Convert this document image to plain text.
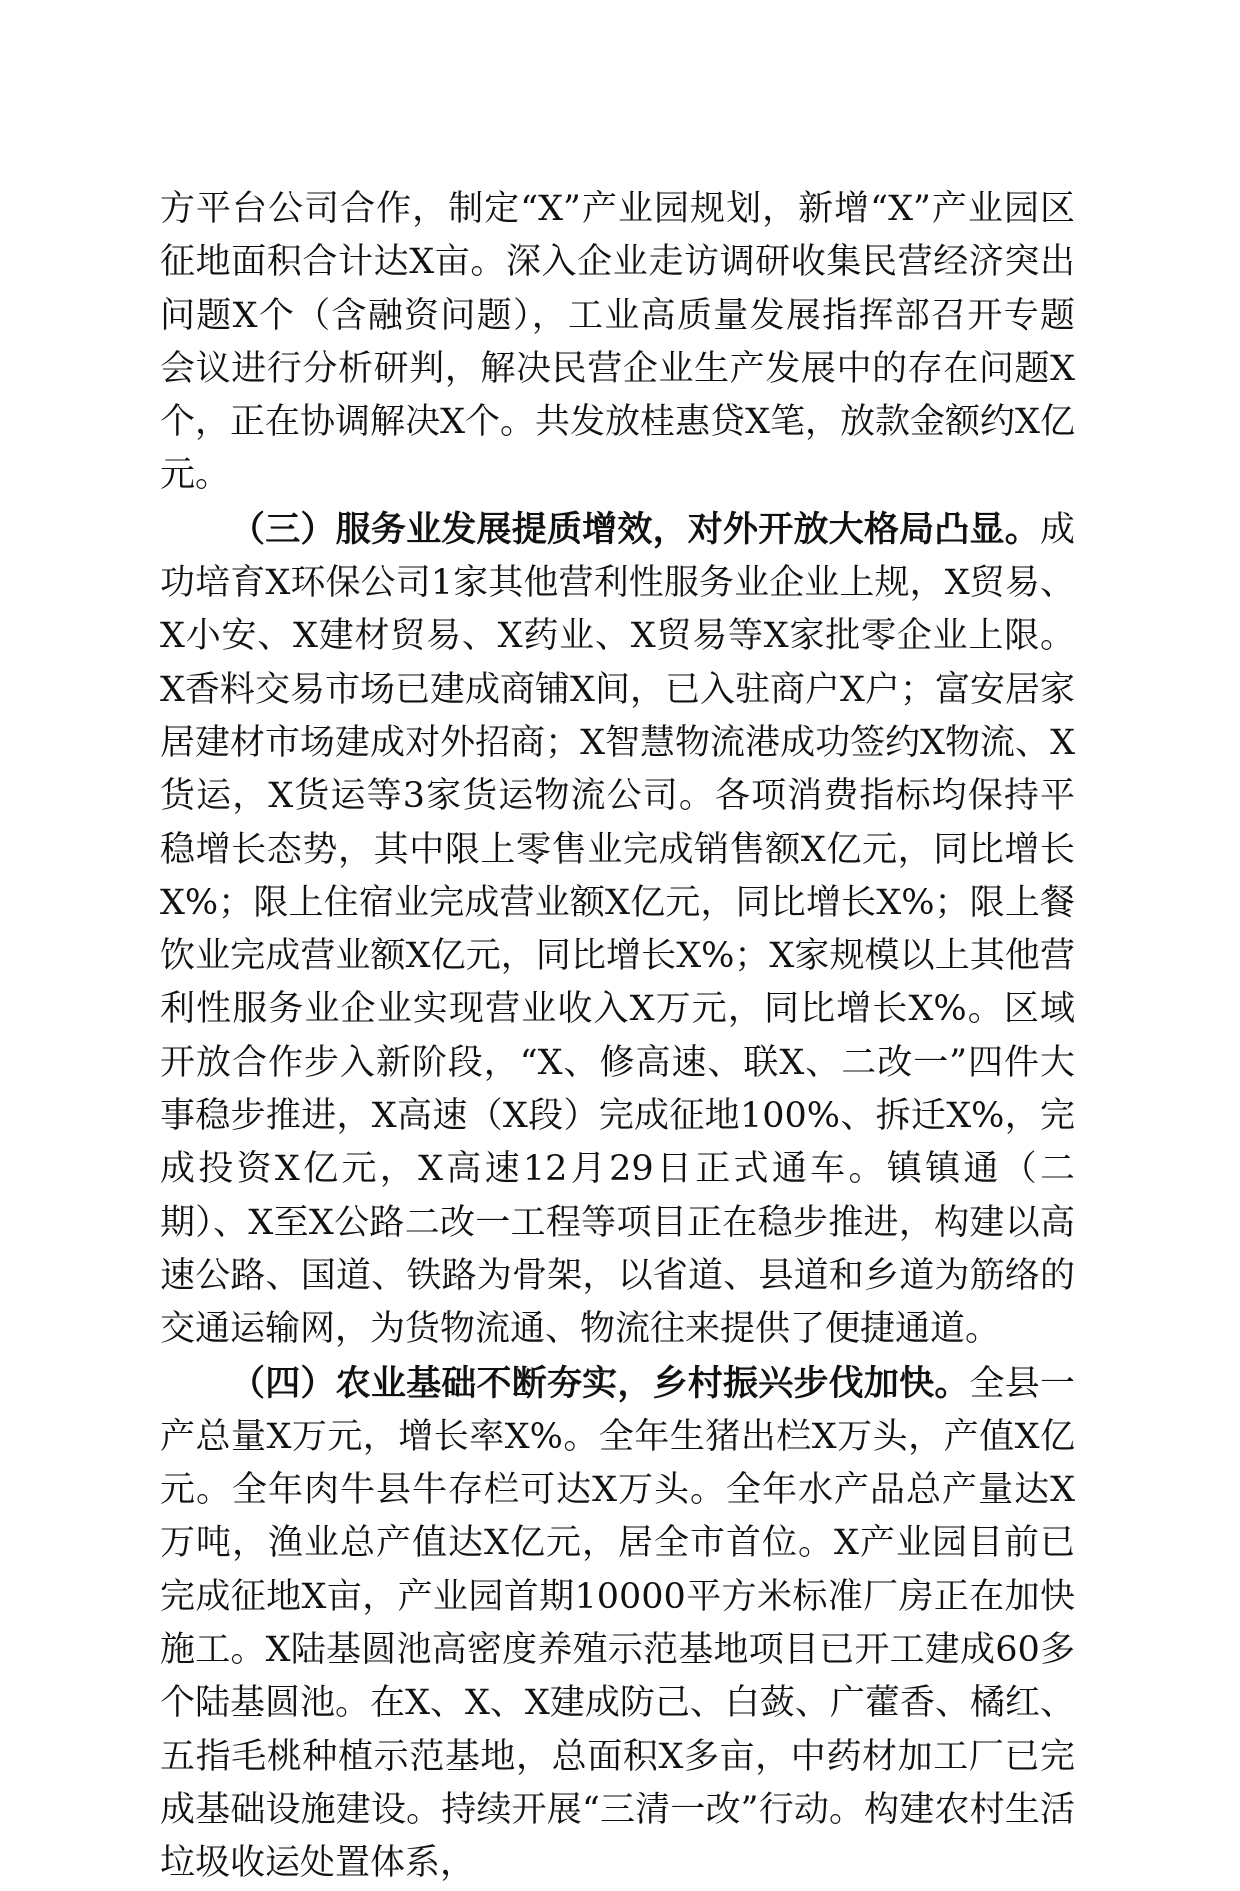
方平台公司合作，制定“X”产业园规划，新增“X”产业园区征地面积合计达X亩。深入企业走访调研收集民营经济突出问题X个（含融资问题），工业高质量发展指挥部召开专题会议进行分析研判，解决民营企业生产发展中的存在问题X个，正在协调解决X个。共发放桂惠贷X笔，放款金额约X亿元。

（三）服务业发展提质增效，对外开放大格局凸显。成功培育X环保公司1家其他营利性服务业企业上规，X贸易、X小安、X建材贸易、X药业、X贸易等X家批零企业上限。X香料交易市场已建成商铺X间，已入驻商户X户；富安居家居建材市场建成对外招商；X智慧物流港成功签约X物流、X货运，X货运等3家货运物流公司。各项消费指标均保持平稳增长态势，其中限上零售业完成销售额X亿元，同比增长X%；限上住宿业完成营业额X亿元，同比增长X%；限上餐饮业完成营业额X亿元，同比增长X%；X家规模以上其他营利性服务业企业实现营业收入X万元，同比增长X%。区域开放合作步入新阶段，“X、修高速、联X、二改一”四件大事稳步推进，X高速（X段）完成征地100%、拆迁X%，完成投资X亿元，X高速12月29日正式通车。镇镇通（二期）、X至X公路二改一工程等项目正在稳步推进，构建以高速公路、国道、铁路为骨架，以省道、县道和乡道为筋络的交通运输网，为货物流通、物流往来提供了便捷通道。

（四）农业基础不断夯实，乡村振兴步伐加快。全县一产总量X万元，增长率X%。全年生猪出栏X万头，产值X亿元。全年肉牛县牛存栏可达X万头。全年水产品总产量达X万吨，渔业总产值达X亿元，居全市首位。X产业园目前已完成征地X亩，产业园首期10000平方米标准厂房正在加快施工。X陆基圆池高密度养殖示范基地项目已开工建成60多个陆基圆池。在X、X、X建成防己、白蔹、广藿香、橘红、五指毛桃种植示范基地，总面积X多亩，中药材加工厂已完成基础设施建设。持续开展“三清一改”行动。构建农村生活垃圾收运处置体系，
